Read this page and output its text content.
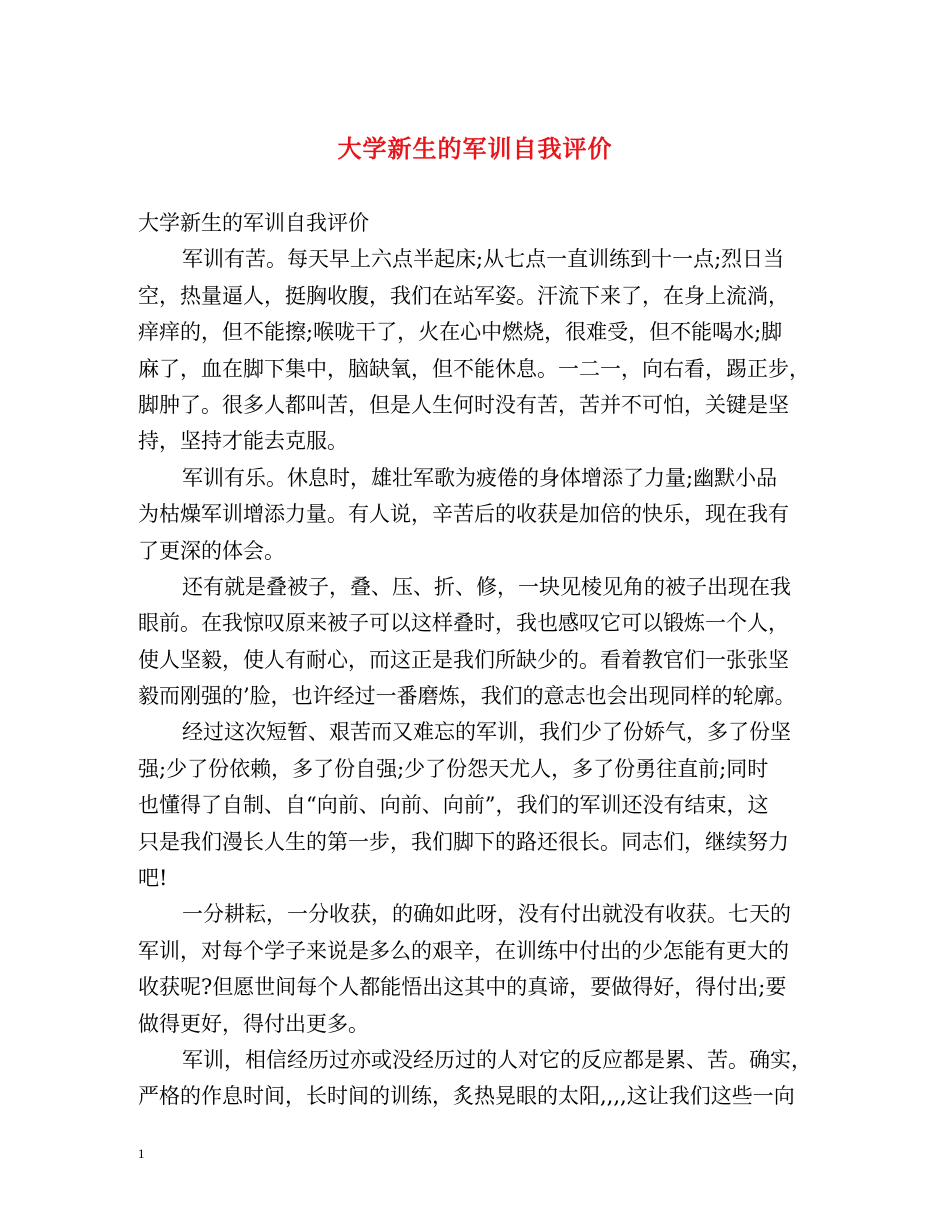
大学新生的军训自我评价
大学新生的军训自我评价
军训有苦。每天早上六点半起床;从七点一直训练到十一点;烈日当
空，热量逼人，挺胸收腹，我们在站军姿。汗流下来了，在身上流淌，
痒痒的，但不能擦;喉咙干了，火在心中燃烧，很难受，但不能喝水;脚
麻了，血在脚下集中，脑缺氧，但不能休息。一二一，向右看，踢正步，
脚肿了。很多人都叫苦，但是人生何时没有苦，苦并不可怕，关键是坚
持，坚持才能去克服。
军训有乐。休息时，雄壮军歌为疲倦的身体增添了力量;幽默小品
为枯燥军训增添力量。有人说，辛苦后的收获是加倍的快乐，现在我有
了更深的体会。
还有就是叠被子，叠、压、折、修，一块见棱见角的被子出现在我
眼前。在我惊叹原来被子可以这样叠时，我也感叹它可以锻炼一个人，
使人坚毅，使人有耐心，而这正是我们所缺少的。看着教官们一张张坚
毅而刚强的’脸，也许经过一番磨炼，我们的意志也会出现同样的轮廓。
经过这次短暂、艰苦而又难忘的军训，我们少了份娇气，多了份坚
强;少了份依赖，多了份自强;少了份怨天尤人，多了份勇往直前;同时
也懂得了自制、自“向前、向前、向前”，我们的军训还没有结束，这
只是我们漫长人生的第一步，我们脚下的路还很长。同志们，继续努力
吧!
一分耕耘，一分收获，的确如此呀，没有付出就没有收获。七天的
军训，对每个学子来说是多么的艰辛，在训练中付出的少怎能有更大的
收获呢?但愿世间每个人都能悟出这其中的真谛，要做得好，得付出;要
做得更好，得付出更多。
军训，相信经历过亦或没经历过的人对它的反应都是累、苦。确实，
严格的作息时间，长时间的训练，炙热晃眼的太阳,,,,这让我们这些一向
1
